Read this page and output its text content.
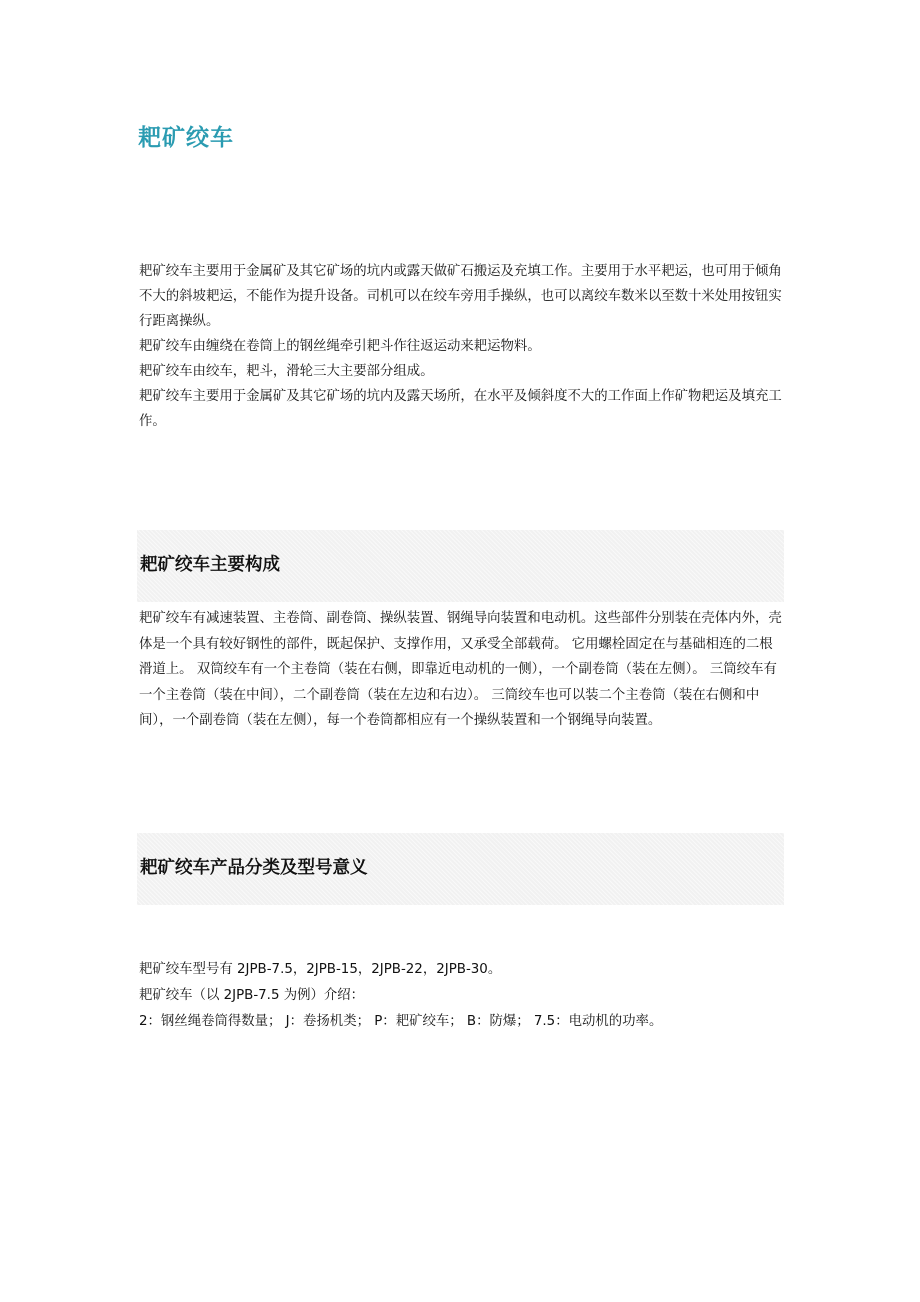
耙矿绞车

耙矿绞车主要用于金属矿及其它矿场的坑内或露天做矿石搬运及充填工作。主要用于水平耙运，也可用于倾角不大的斜坡耙运，不能作为提升设备。司机可以在绞车旁用手操纵，也可以离绞车数米以至数十米处用按钮实行距离操纵。

耙矿绞车由缠绕在卷筒上的钢丝绳牵引耙斗作往返运动来耙运物料。

耙矿绞车由绞车，耙斗，滑轮三大主要部分组成。

耙矿绞车主要用于金属矿及其它矿场的坑内及露天场所，在水平及倾斜度不大的工作面上作矿物耙运及填充工作。

耙矿绞车主要构成

耙矿绞车有减速装置、主卷筒、副卷筒、操纵装置、钢绳导向装置和电动机。这些部件分别装在壳体内外，壳体是一个具有较好钢性的部件，既起保护、支撑作用，又承受全部载荷。 它用螺栓固定在与基础相连的二根滑道上。 双筒绞车有一个主卷筒（装在右侧，即靠近电动机的一侧），一个副卷筒（装在左侧）。 三筒绞车有一个主卷筒（装在中间），二个副卷筒（装在左边和右边）。 三筒绞车也可以装二个主卷筒（装在右侧和中间），一个副卷筒（装在左侧），每一个卷筒都相应有一个操纵装置和一个钢绳导向装置。

耙矿绞车产品分类及型号意义

耙矿绞车型号有 2JPB-7.5，2JPB-15，2JPB-22，2JPB-30。

耙矿绞车（以 2JPB-7.5 为例）介绍：

2：钢丝绳卷筒得数量； J：卷扬机类； P：耙矿绞车； B：防爆； 7.5：电动机的功率。
